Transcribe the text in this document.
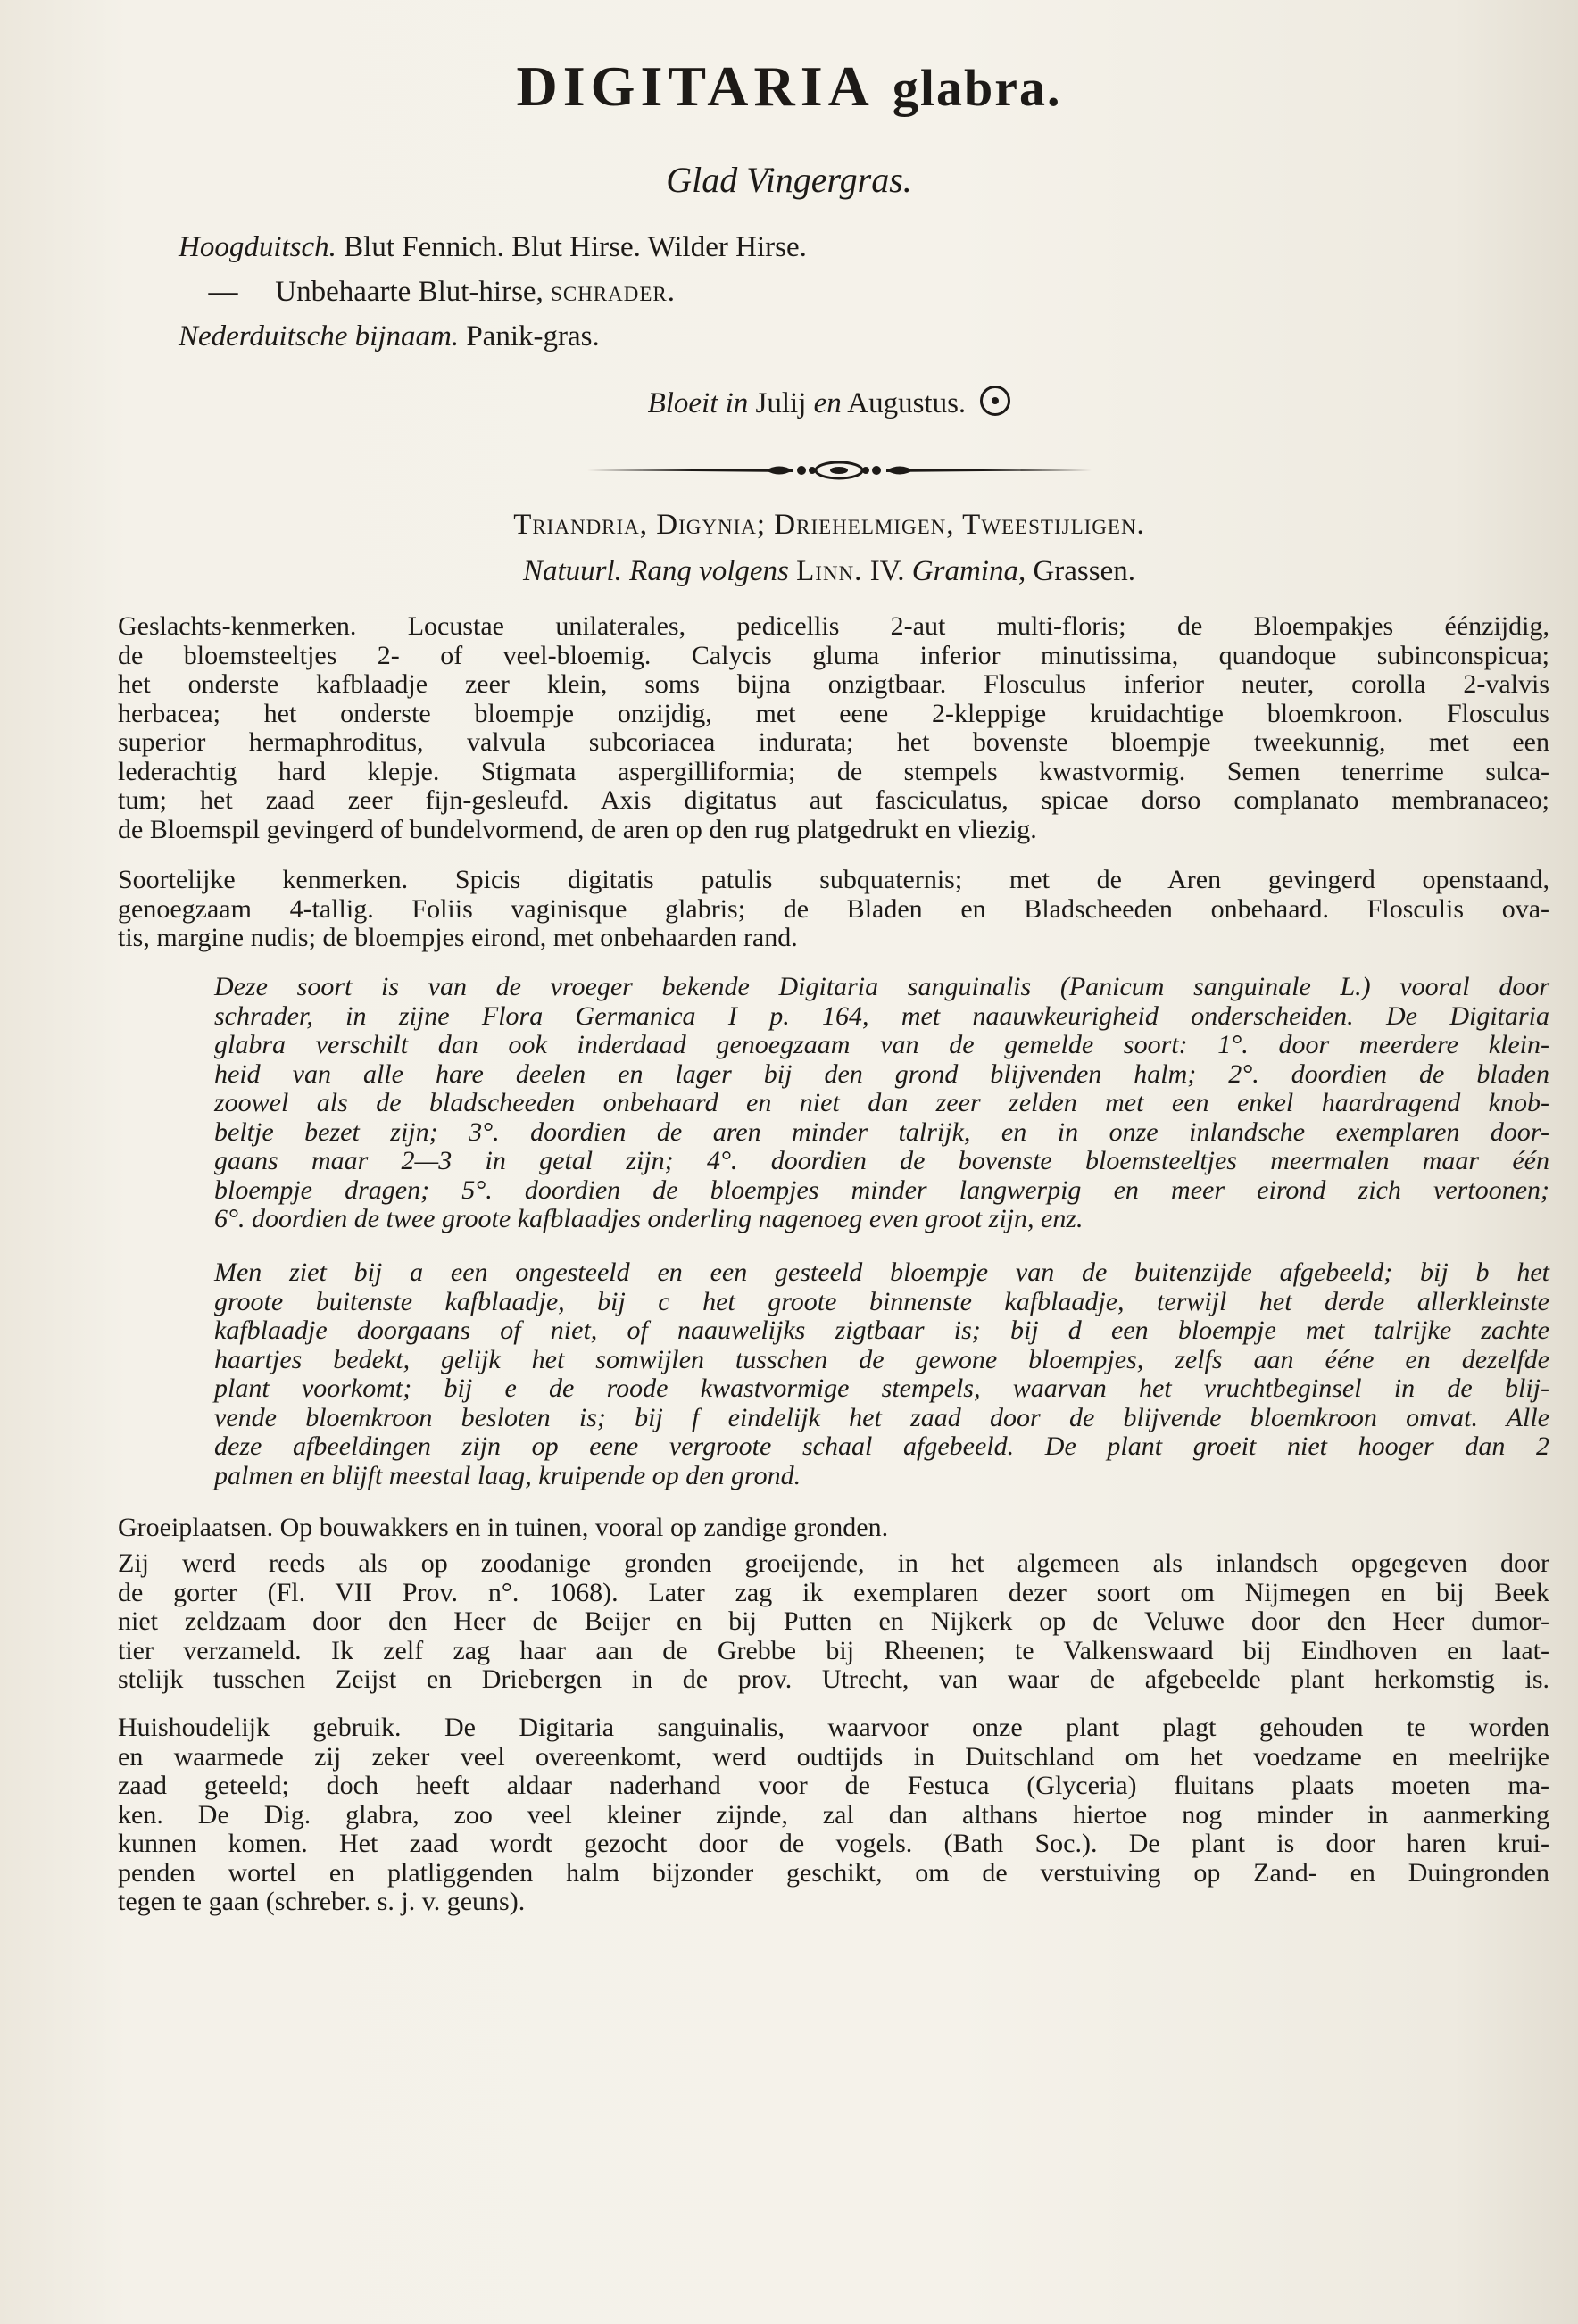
DIGITARIA glabra.
Glad Vingergras.
Hoogduitsch. Blut Fennich. Blut Hirse. Wilder Hirse.
— Unbehaarte Blut-hirse, schrader.
Nederduitsche bijnaam. Panik-gras.
Bloeit in Julij en Augustus.
Triandria, Digynia; Driehelmigen, Tweestijligen.
Natuurl. Rang volgens Linn. IV. Gramina, Grassen.
Geslachts-kenmerken. Locustae unilaterales, pedicellis 2-aut multi-floris; de Bloempakjes éénzijdig,
de bloemsteeltjes 2- of veel-bloemig. Calycis gluma inferior minutissima, quandoque subinconspicua;
het onderste kafblaadje zeer klein, soms bijna onzigtbaar. Flosculus inferior neuter, corolla 2-valvis
herbacea; het onderste bloempje onzijdig, met eene 2-kleppige kruidachtige bloemkroon. Flosculus
superior hermaphroditus, valvula subcoriacea indurata; het bovenste bloempje tweekunnig, met een
lederachtig hard klepje. Stigmata aspergilliformia; de stempels kwastvormig. Semen tenerrime sulca-
tum; het zaad zeer fijn-gesleufd. Axis digitatus aut fasciculatus, spicae dorso complanato membranaceo;
de Bloemspil gevingerd of bundelvormend, de aren op den rug platgedrukt en vliezig.
Soortelijke kenmerken. Spicis digitatis patulis subquaternis; met de Aren gevingerd openstaand,
genoegzaam 4-tallig. Foliis vaginisque glabris; de Bladen en Bladscheeden onbehaard. Flosculis ova-
tis, margine nudis; de bloempjes eirond, met onbehaarden rand.
Deze soort is van de vroeger bekende Digitaria sanguinalis (Panicum sanguinale L.) vooral door
schrader, in zijne Flora Germanica I p. 164, met naauwkeurigheid onderscheiden. De Digitaria
glabra verschilt dan ook inderdaad genoegzaam van de gemelde soort: 1°. door meerdere klein-
heid van alle hare deelen en lager bij den grond blijvenden halm; 2°. doordien de bladen
zoowel als de bladscheeden onbehaard en niet dan zeer zelden met een enkel haardragend knob-
beltje bezet zijn; 3°. doordien de aren minder talrijk, en in onze inlandsche exemplaren door-
gaans maar 2—3 in getal zijn; 4°. doordien de bovenste bloemsteeltjes meermalen maar één
bloempje dragen; 5°. doordien de bloempjes minder langwerpig en meer eirond zich vertoonen;
6°. doordien de twee groote kafblaadjes onderling nagenoeg even groot zijn, enz.
Men ziet bij a een ongesteeld en een gesteeld bloempje van de buitenzijde afgebeeld; bij b het
groote buitenste kafblaadje, bij c het groote binnenste kafblaadje, terwijl het derde allerkleinste
kafblaadje doorgaans of niet, of naauwelijks zigtbaar is; bij d een bloempje met talrijke zachte
haartjes bedekt, gelijk het somwijlen tusschen de gewone bloempjes, zelfs aan ééne en dezelfde
plant voorkomt; bij e de roode kwastvormige stempels, waarvan het vruchtbeginsel in de blij-
vende bloemkroon besloten is; bij f eindelijk het zaad door de blijvende bloemkroon omvat. Alle
deze afbeeldingen zijn op eene vergroote schaal afgebeeld. De plant groeit niet hooger dan 2
palmen en blijft meestal laag, kruipende op den grond.
Groeiplaatsen. Op bouwakkers en in tuinen, vooral op zandige gronden.
Zij werd reeds als op zoodanige gronden groeijende, in het algemeen als inlandsch opgegeven door
de gorter (Fl. VII Prov. n°. 1068). Later zag ik exemplaren dezer soort om Nijmegen en bij Beek
niet zeldzaam door den Heer de Beijer en bij Putten en Nijkerk op de Veluwe door den Heer dumor-
tier verzameld. Ik zelf zag haar aan de Grebbe bij Rheenen; te Valkenswaard bij Eindhoven en laat-
stelijk tusschen Zeijst en Driebergen in de prov. Utrecht, van waar de afgebeelde plant herkomstig is.
Huishoudelijk gebruik. De Digitaria sanguinalis, waarvoor onze plant plagt gehouden te worden
en waarmede zij zeker veel overeenkomt, werd oudtijds in Duitschland om het voedzame en meelrijke
zaad geteeld; doch heeft aldaar naderhand voor de Festuca (Glyceria) fluitans plaats moeten ma-
ken. De Dig. glabra, zoo veel kleiner zijnde, zal dan althans hiertoe nog minder in aanmerking
kunnen komen. Het zaad wordt gezocht door de vogels. (Bath Soc.). De plant is door haren krui-
penden wortel en platliggenden halm bijzonder geschikt, om de verstuiving op Zand- en Duingronden
tegen te gaan (schreber. s. j. v. geuns).
